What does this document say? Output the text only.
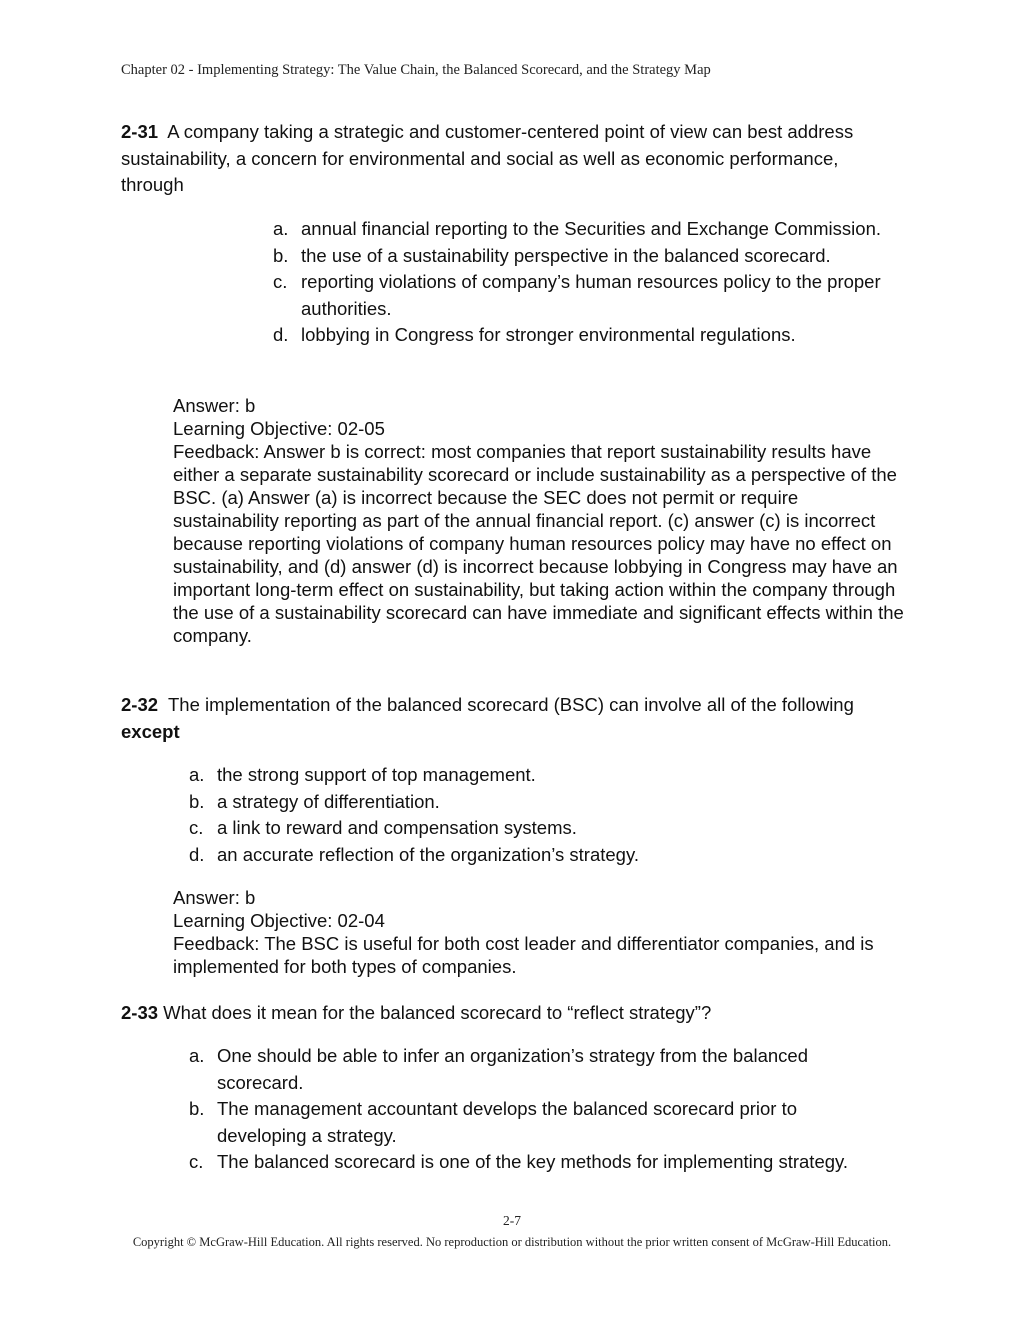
Chapter 02 - Implementing Strategy: The Value Chain, the Balanced Scorecard, and the Strategy Map
2-31 A company taking a strategic and customer-centered point of view can best address sustainability, a concern for environmental and social as well as economic performance, through
a. annual financial reporting to the Securities and Exchange Commission.
b. the use of a sustainability perspective in the balanced scorecard.
c. reporting violations of company’s human resources policy to the proper authorities.
d. lobbying in Congress for stronger environmental regulations.
Answer: b
Learning Objective: 02-05
Feedback: Answer b is correct: most companies that report sustainability results have either a separate sustainability scorecard or include sustainability as a perspective of the BSC. (a) Answer (a) is incorrect because the SEC does not permit or require sustainability reporting as part of the annual financial report. (c) answer (c) is incorrect because reporting violations of company human resources policy may have no effect on sustainability, and (d) answer (d) is incorrect because lobbying in Congress may have an important long-term effect on sustainability, but taking action within the company through the use of a sustainability scorecard can have immediate and significant effects within the company.
2-32 The implementation of the balanced scorecard (BSC) can involve all of the following except
a. the strong support of top management.
b. a strategy of differentiation.
c. a link to reward and compensation systems.
d. an accurate reflection of the organization’s strategy.
Answer: b
Learning Objective: 02-04
Feedback: The BSC is useful for both cost leader and differentiator companies, and is implemented for both types of companies.
2-33 What does it mean for the balanced scorecard to “reflect strategy”?
a. One should be able to infer an organization’s strategy from the balanced scorecard.
b. The management accountant develops the balanced scorecard prior to developing a strategy.
c. The balanced scorecard is one of the key methods for implementing strategy.
2-7
Copyright © McGraw-Hill Education. All rights reserved. No reproduction or distribution without the prior written consent of McGraw-Hill Education.
